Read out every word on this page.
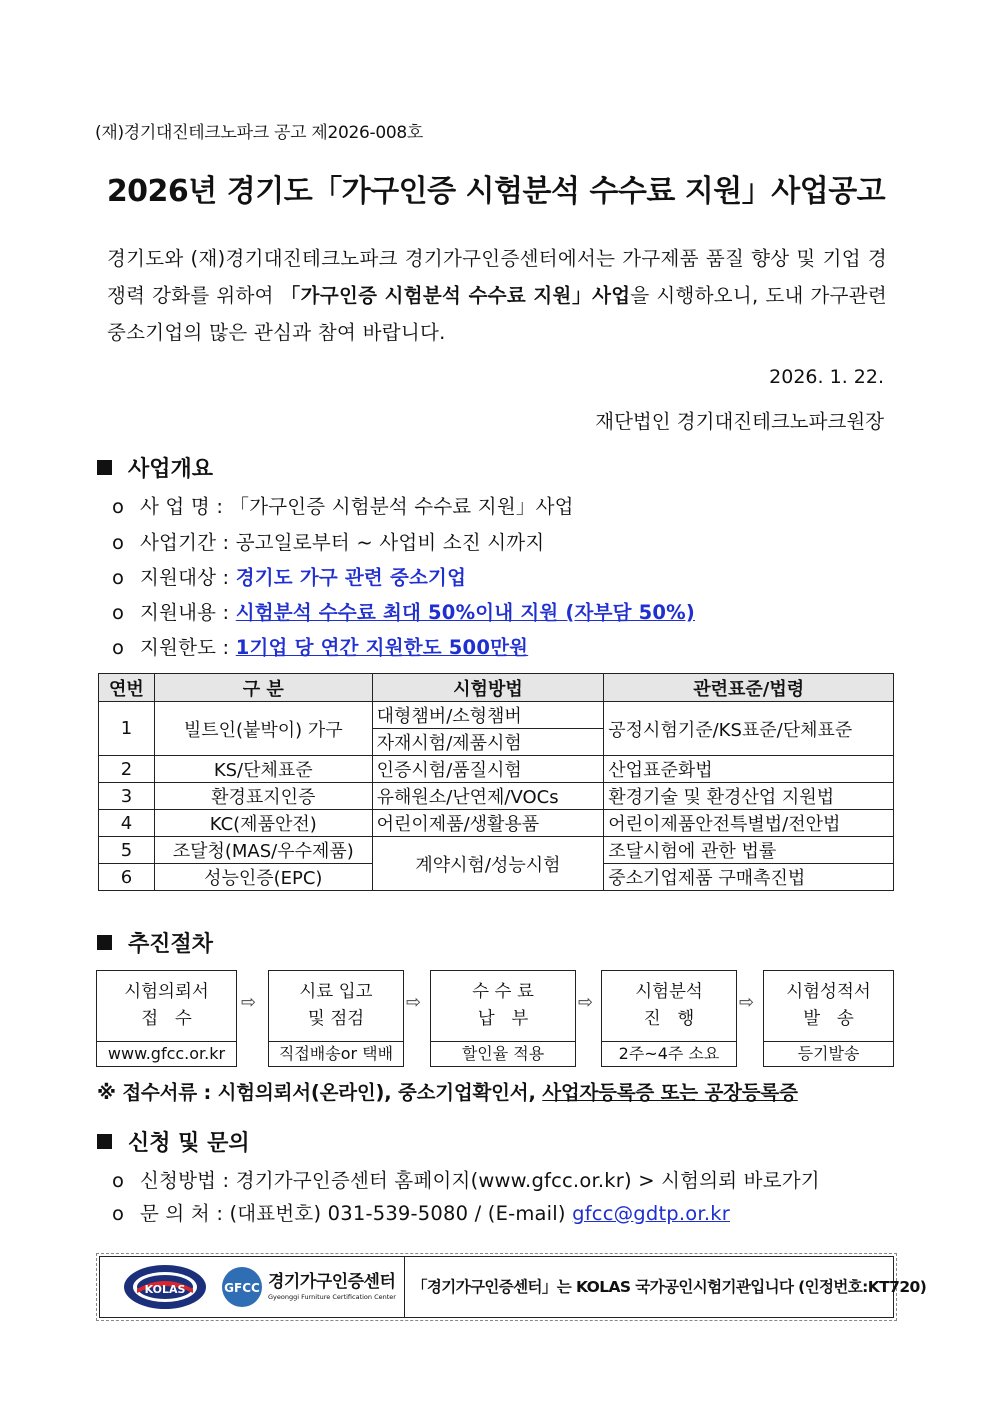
(재)경기대진테크노파크 공고 제2026-008호
2026년 경기도「가구인증 시험분석 수수료 지원」사업공고
경기도와 (재)경기대진테크노파크 경기가구인증센터에서는 가구제품 품질 향상 및 기업 경쟁력 강화를 위하여 「가구인증 시험분석 수수료 지원」사업을 시행하오니, 도내 가구관련 중소기업의 많은 관심과 참여 바랍니다.
2026. 1. 22.
재단법인 경기대진테크노파크원장
사업개요
o 사 업 명 : 「가구인증 시험분석 수수료 지원」사업
o 사업기간 : 공고일로부터 ~ 사업비 소진 시까지
o 지원대상 : 경기도 가구 관련 중소기업
o 지원내용 : 시험분석 수수료 최대 50%이내 지원 (자부담 50%)
o 지원한도 : 1기업 당 연간 지원한도 500만원
연번	구 분	시험방법	관련표준/법령
1	빌트인(붙박이) 가구	대형챔버/소형챔버	공정시험기준/KS표준/단체표준
		자재시험/제품시험	
2	KS/단체표준	인증시험/품질시험	산업표준화법
3	환경표지인증	유해원소/난연제/VOCs	환경기술 및 환경산업 지원법
4	KC(제품안전)	어린이제품/생활용품	어린이제품안전특별법/전안법
5	조달청(MAS/우수제품)	계약시험/성능시험	조달시험에 관한 법률
6	성능인증(EPC)		중소기업제품 구매촉진법
추진절차
시험의뢰서
접   수
www.gfcc.or.kr
⇨	시료 입고
및 점검
직접배송or 택배
⇨	수 수 료
납   부
할인율 적용
⇨	시험분석
진   행
2주~4주 소요
⇨	시험성적서
발   송
등기발송
※ 접수서류 : 시험의뢰서(온라인), 중소기업확인서, 사업자등록증 또는 공장등록증
신청 및 문의
o 신청방법 : 경기가구인증센터 홈페이지(www.gfcc.or.kr) > 시험의뢰 바로가기
o 문 의 처 : (대표번호) 031-539-5080 / (E-mail) gfcc@gdtp.or.kr
KOLAS	GFCC 경기가구인증센터
Gyeonggi Furniture Certification Center
「경기가구인증센터」는 KOLAS 국가공인시험기관입니다 (인정번호:KT720)
